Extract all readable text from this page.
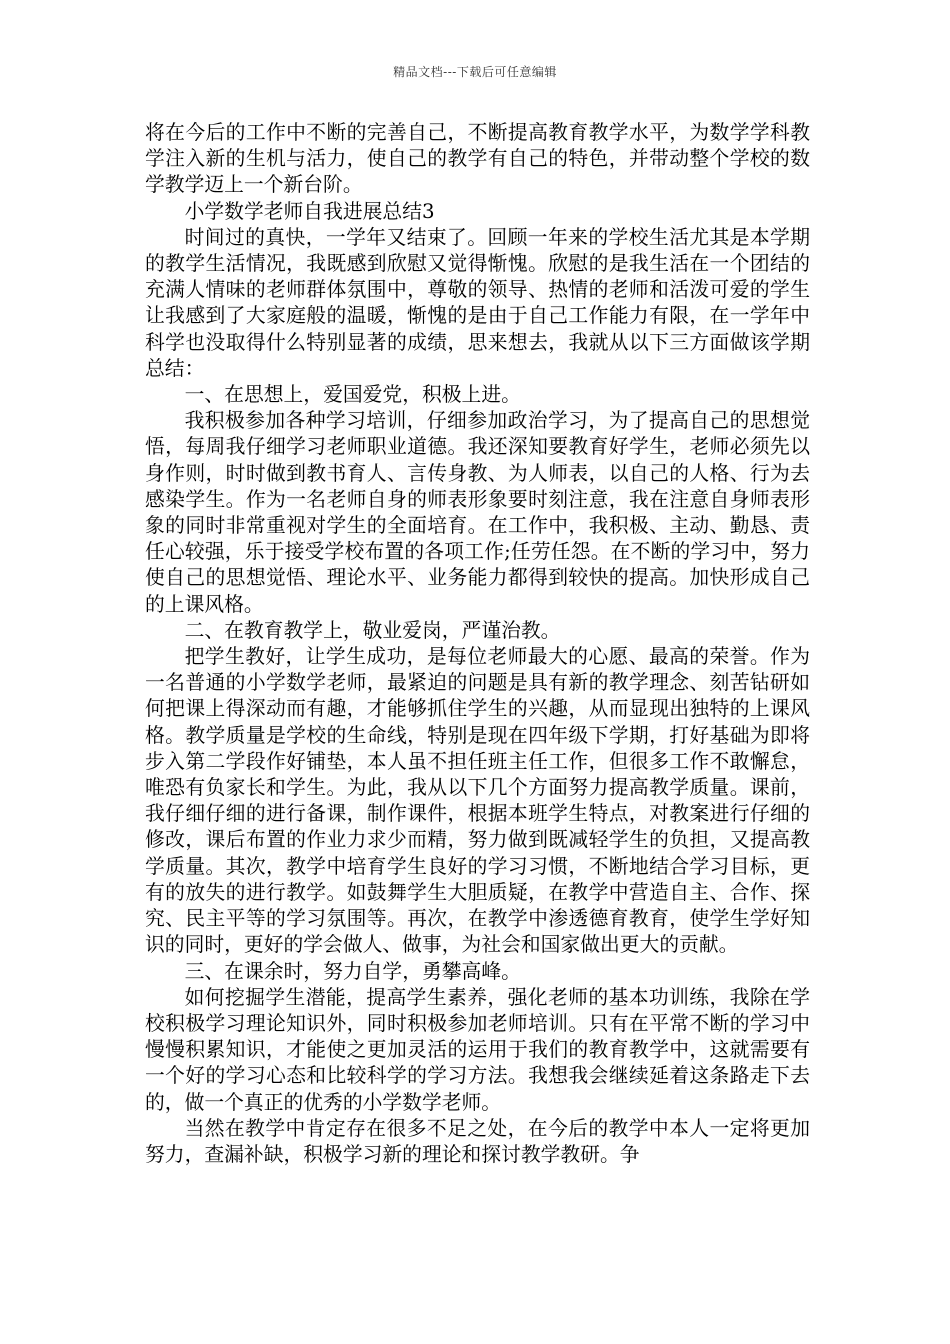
精品文档---下载后可任意编辑

将在今后的工作中不断的完善自己，不断提高教育教学水平，为数学学科教学注入新的生机与活力，使自己的教学有自己的特色，并带动整个学校的数学教学迈上一个新台阶。

小学数学老师自我进展总结3

时间过的真快，一学年又结束了。回顾一年来的学校生活尤其是本学期的教学生活情况，我既感到欣慰又觉得惭愧。欣慰的是我生活在一个团结的充满人情味的老师群体氛围中，尊敬的领导、热情的老师和活泼可爱的学生让我感到了大家庭般的温暖，惭愧的是由于自己工作能力有限，在一学年中科学也没取得什么特别显著的成绩，思来想去，我就从以下三方面做该学期总结：

一、在思想上，爱国爱党，积极上进。

我积极参加各种学习培训，仔细参加政治学习，为了提高自己的思想觉悟，每周我仔细学习老师职业道德。我还深知要教育好学生，老师必须先以身作则，时时做到教书育人、言传身教、为人师表，以自己的人格、行为去感染学生。作为一名老师自身的师表形象要时刻注意，我在注意自身师表形象的同时非常重视对学生的全面培育。在工作中，我积极、主动、勤恳、责任心较强，乐于接受学校布置的各项工作;任劳任怨。在不断的学习中，努力使自己的思想觉悟、理论水平、业务能力都得到较快的提高。加快形成自己的上课风格。

二、在教育教学上，敬业爱岗，严谨治教。

把学生教好，让学生成功，是每位老师最大的心愿、最高的荣誉。作为一名普通的小学数学老师，最紧迫的问题是具有新的教学理念、刻苦钻研如何把课上得深动而有趣，才能够抓住学生的兴趣，从而显现出独特的上课风格。教学质量是学校的生命线，特别是现在四年级下学期，打好基础为即将步入第二学段作好铺垫，本人虽不担任班主任工作，但很多工作不敢懈怠，唯恐有负家长和学生。为此，我从以下几个方面努力提高教学质量。课前，我仔细仔细的进行备课，制作课件，根据本班学生特点，对教案进行仔细的修改，课后布置的作业力求少而精，努力做到既减轻学生的负担，又提高教学质量。其次，教学中培育学生良好的学习习惯，不断地结合学习目标，更有的放失的进行教学。如鼓舞学生大胆质疑，在教学中营造自主、合作、探究、民主平等的学习氛围等。再次，在教学中渗透德育教育，使学生学好知识的同时，更好的学会做人、做事，为社会和国家做出更大的贡献。

三、在课余时，努力自学，勇攀高峰。

如何挖掘学生潜能，提高学生素养，强化老师的基本功训练，我除在学校积极学习理论知识外，同时积极参加老师培训。只有在平常不断的学习中慢慢积累知识，才能使之更加灵活的运用于我们的教育教学中，这就需要有一个好的学习心态和比较科学的学习方法。我想我会继续延着这条路走下去的，做一个真正的优秀的小学数学老师。

当然在教学中肯定存在很多不足之处，在今后的教学中本人一定将更加努力，查漏补缺，积极学习新的理论和探讨教学教研。争
